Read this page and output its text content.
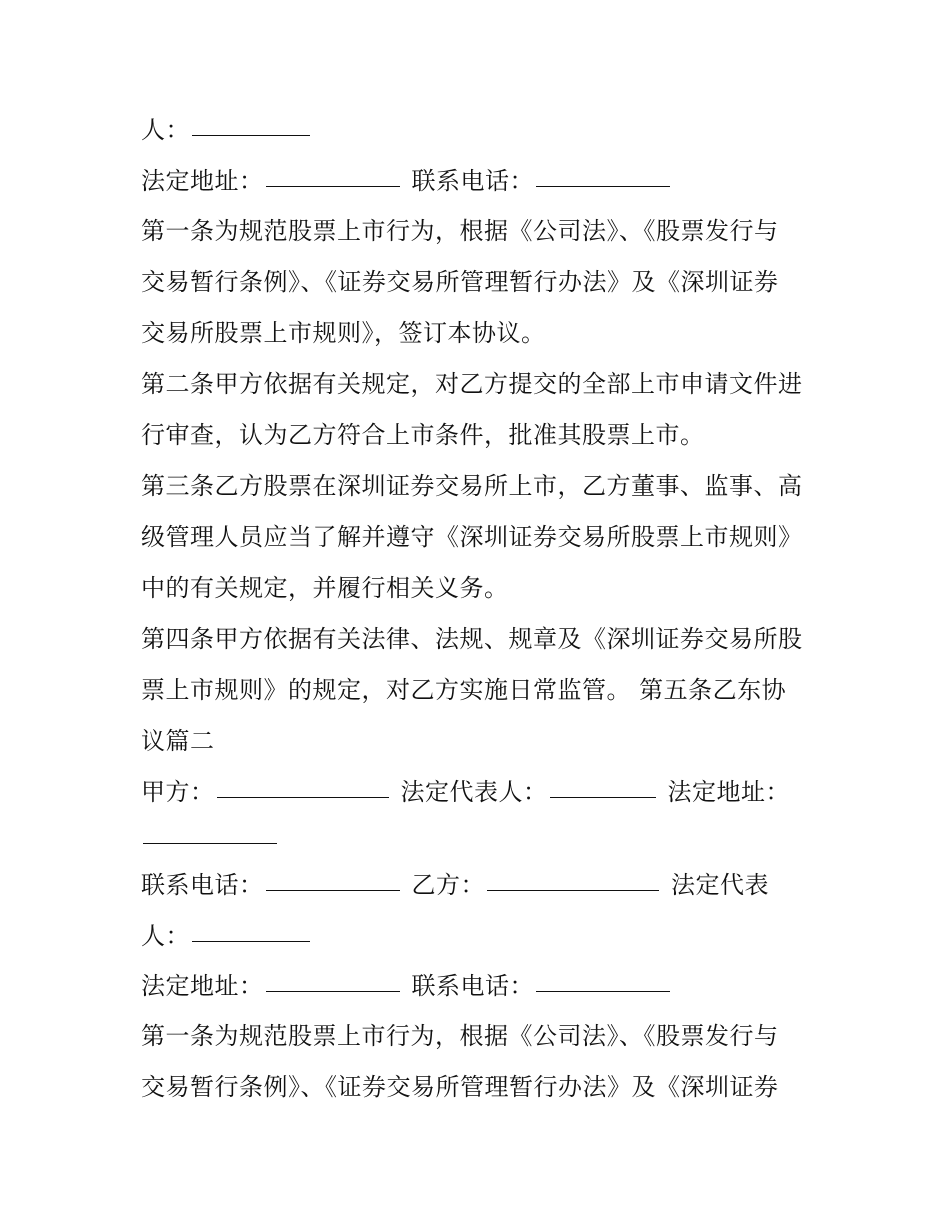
人：
法定地址：	联系电话：
第一条为规范股票上市行为，根据《公司法》、《股票发行与
交易暂行条例》、《证券交易所管理暂行办法》及《深圳证券
交易所股票上市规则》，签订本协议。
第二条甲方依据有关规定，对乙方提交的全部上市申请文件进
行审查，认为乙方符合上市条件，批准其股票上市。
第三条乙方股票在深圳证券交易所上市，乙方董事、监事、高
级管理人员应当了解并遵守《深圳证券交易所股票上市规则》
中的有关规定，并履行相关义务。
第四条甲方依据有关法律、法规、规章及《深圳证券交易所股
票上市规则》的规定，对乙方实施日常监管。 第五条乙东协
议篇二
甲方：	法定代表人：	法定地址：
联系电话：	乙方：	法定代表
人：
法定地址：	联系电话：
第一条为规范股票上市行为，根据《公司法》、《股票发行与
交易暂行条例》、《证券交易所管理暂行办法》及《深圳证券
